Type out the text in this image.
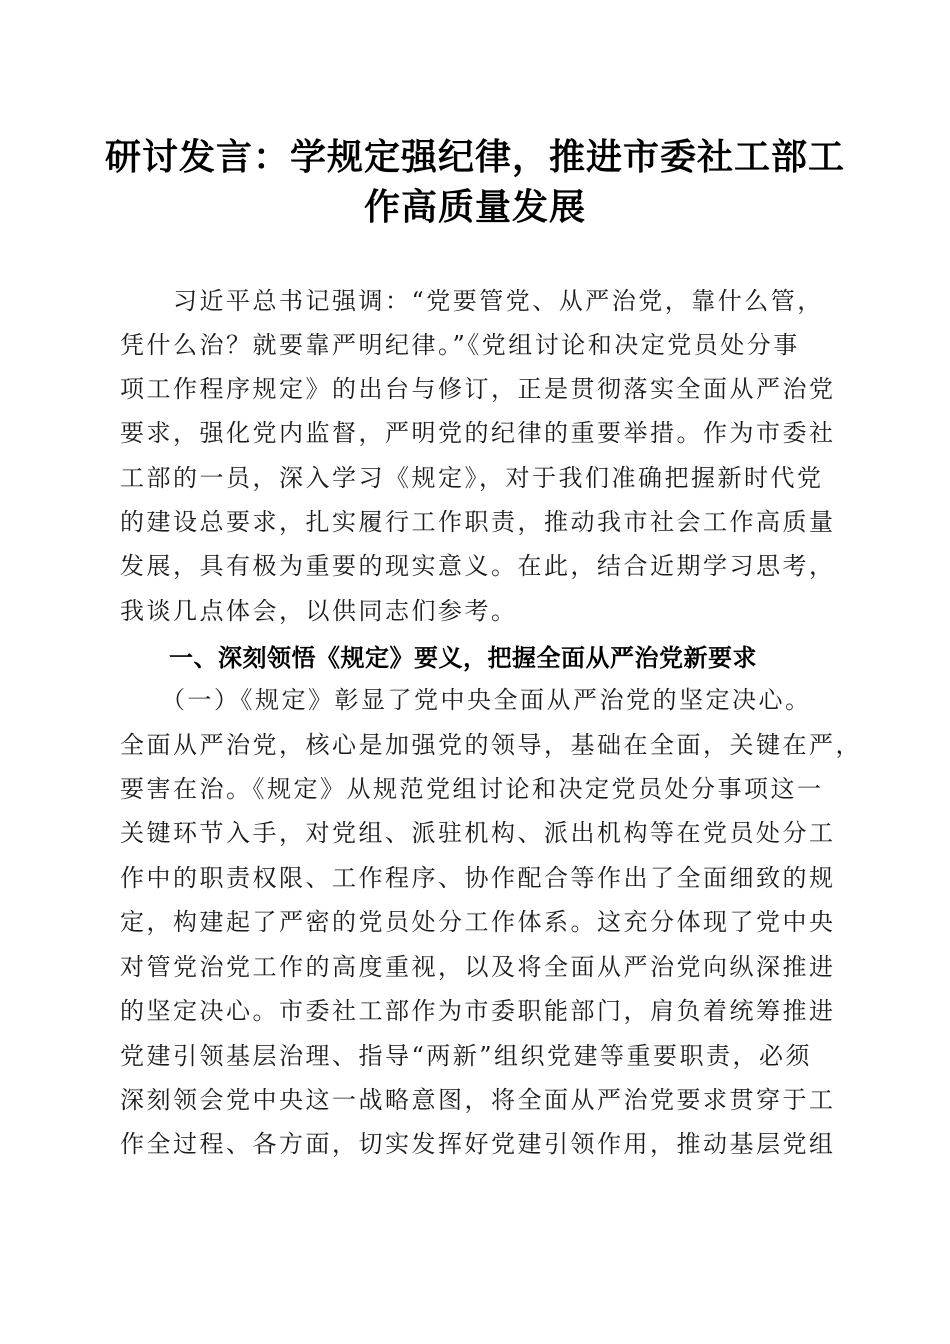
研讨发言：学规定强纪律，推进市委社工部工
作高质量发展

　　习近平总书记强调：“党要管党、从严治党，靠什么管，

凭什么治？就要靠严明纪律。”《党组讨论和决定党员处分事

项工作程序规定》的出台与修订，正是贯彻落实全面从严治党

要求，强化党内监督，严明党的纪律的重要举措。作为市委社

工部的一员，深入学习《规定》，对于我们准确把握新时代党

的建设总要求，扎实履行工作职责，推动我市社会工作高质量

发展，具有极为重要的现实意义。在此，结合近期学习思考，

我谈几点体会，以供同志们参考。

　　一、深刻领悟《规定》要义，把握全面从严治党新要求

　　（一）《规定》彰显了党中央全面从严治党的坚定决心。

全面从严治党，核心是加强党的领导，基础在全面，关键在严，

要害在治。《规定》从规范党组讨论和决定党员处分事项这一

关键环节入手，对党组、派驻机构、派出机构等在党员处分工

作中的职责权限、工作程序、协作配合等作出了全面细致的规

定，构建起了严密的党员处分工作体系。这充分体现了党中央

对管党治党工作的高度重视，以及将全面从严治党向纵深推进

的坚定决心。市委社工部作为市委职能部门，肩负着统筹推进

党建引领基层治理、指导“两新”组织党建等重要职责，必须

深刻领会党中央这一战略意图，将全面从严治党要求贯穿于工

作全过程、各方面，切实发挥好党建引领作用，推动基层党组
